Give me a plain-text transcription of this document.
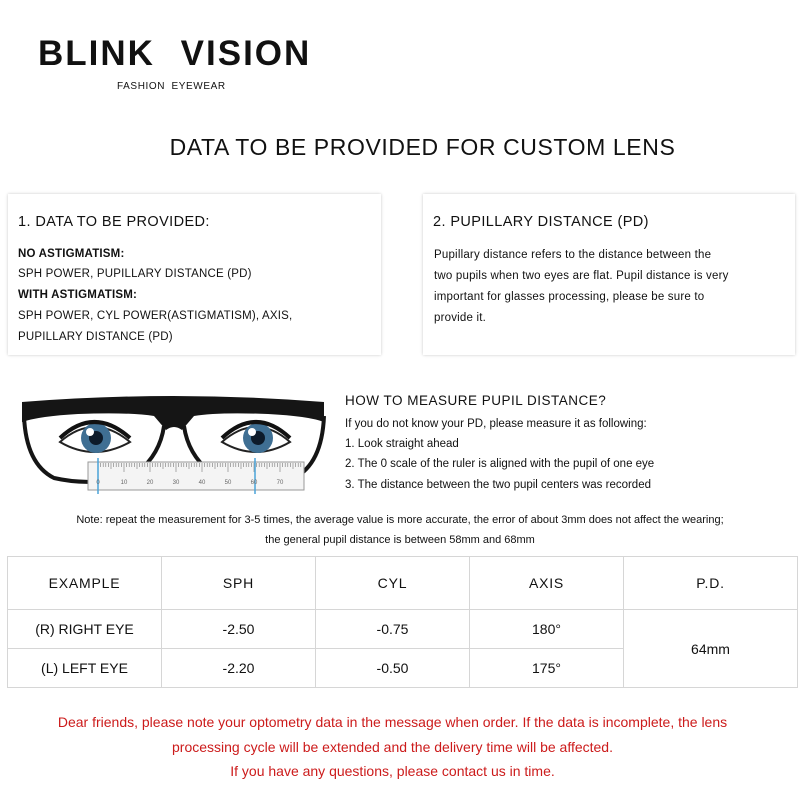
BLINK VISION
FASHION EYEWEAR
DATA TO BE PROVIDED FOR CUSTOM LENS
1. DATA TO BE PROVIDED:
NO ASTIGMATISM:
SPH POWER, PUPILLARY DISTANCE (PD)
WITH ASTIGMATISM:
SPH POWER, CYL POWER(ASTIGMATISM), AXIS,
PUPILLARY DISTANCE (PD)
2. PUPILLARY DISTANCE (PD)
Pupillary distance refers to the distance between the
two pupils when two eyes are flat. Pupil distance is very
important for glasses processing, please be sure to
provide it.
0	10	20	30	40	50	60	70
HOW TO MEASURE PUPIL DISTANCE?
If you do not know your PD, please measure it as following:
1. Look straight ahead
2. The 0 scale of the ruler is aligned with the pupil of one eye
3. The distance between the two pupil centers was recorded
Note: repeat the measurement for 3-5 times, the average value is more accurate, the error of about 3mm does not affect the wearing;
the general pupil distance is between 58mm and 68mm
EXAMPLE	SPH	CYL	AXIS	P.D.
(R) RIGHT EYE	-2.50	-0.75	180°	64mm
(L) LEFT EYE	-2.20	-0.50	175°	
Dear friends, please note your optometry data in the message when order. If the data is incomplete, the lens
processing cycle will be extended and the delivery time will be affected.
If you have any questions, please contact us in time.
